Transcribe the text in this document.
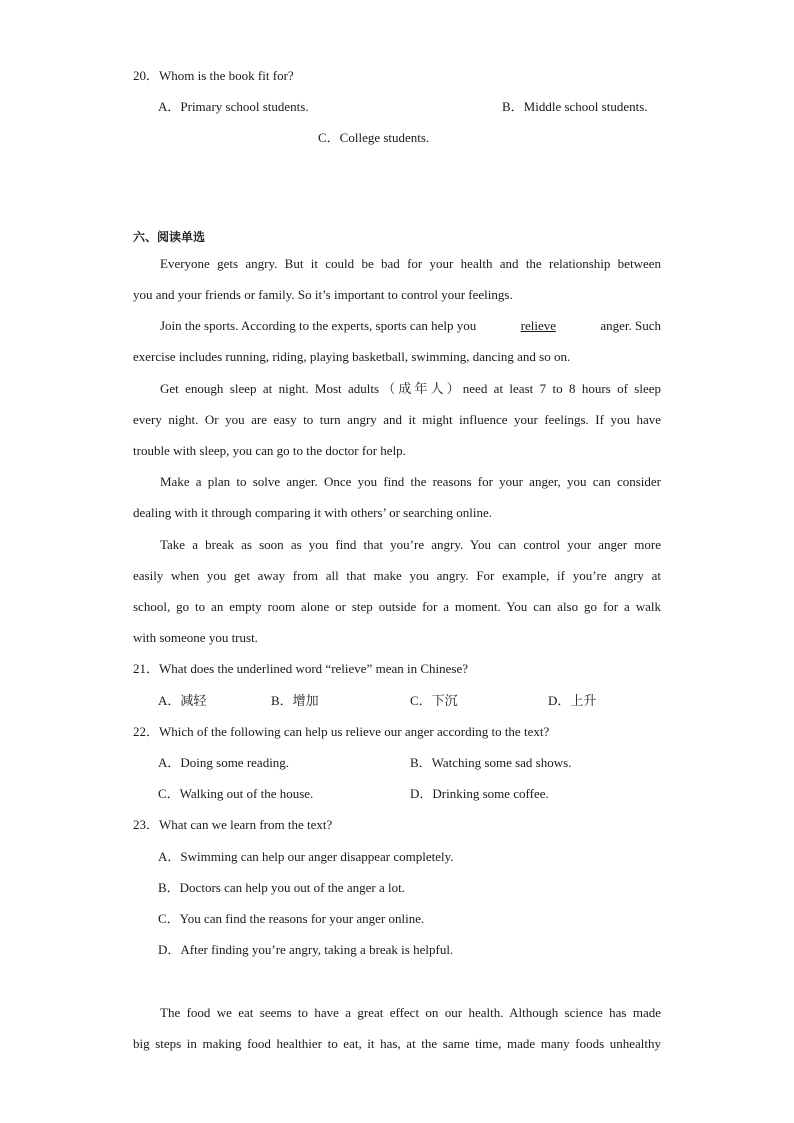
20．Whom is the book fit for?
A．Primary school students.	B．Middle school students.
C．College students.
六、阅读单选
Everyone gets angry. But it could be bad for your health and the relationship between
you and your friends or family. So it’s important to control your feelings.
Join the sports. According to the experts, sports can help you	relieve	anger. Such
exercise includes running, riding, playing basketball, swimming, dancing and so on.
Get enough sleep at night. Most adults（成年人）need at least 7 to 8 hours of sleep
every night. Or you are easy to turn angry and it might influence your feelings. If you have
trouble with sleep, you can go to the doctor for help.
Make a plan to solve anger. Once you find the reasons for your anger, you can consider
dealing with it through comparing it with others’ or searching online.
Take a break as soon as you find that you’re angry. You can control your anger more
easily when you get away from all that make you angry. For example, if you’re angry at
school, go to an empty room alone or step outside for a moment. You can also go for a walk
with someone you trust.
21．What does the underlined word “relieve” mean in Chinese?
A．减轻	B．增加	C．下沉	D．上升
22．Which of the following can help us relieve our anger according to the text?
A．Doing some reading.	B．Watching some sad shows.
C．Walking out of the house.	D．Drinking some coffee.
23．What can we learn from the text?
A．Swimming can help our anger disappear completely.
B．Doctors can help you out of the anger a lot.
C．You can find the reasons for your anger online.
D．After finding you’re angry, taking a break is helpful.
The food we eat seems to have a great effect on our health. Although science has made
big steps in making food healthier to eat, it has, at the same time, made many foods unhealthy
